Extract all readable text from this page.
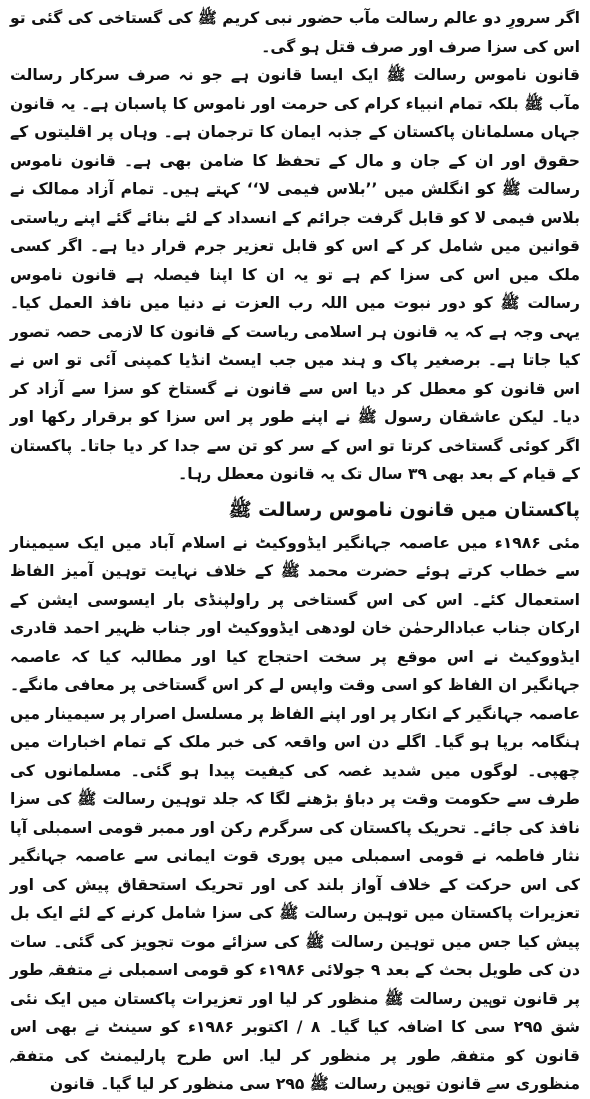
اگر سرورِ دو عالم رسالت مآب حضور نبی کریم ﷺ کی گستاخی کی گئی تو اس کی سزا صرف اور صرف قتل ہو گی۔

قانون ناموس رسالت ﷺ ایک ایسا قانون ہے جو نہ صرف سرکار رسالت مآب ﷺ بلکہ تمام انبیاء کرام کی حرمت اور ناموس کا پاسبان ہے۔ یہ قانون جہاں مسلمانان پاکستان کے جذبہ ایمان کا ترجمان ہے۔ وہاں پر اقلیتوں کے حقوق اور ان کے جان و مال کے تحفظ کا ضامن بھی ہے۔ قانون ناموس رسالت ﷺ کو انگلش میں ’’بلاس فیمی لا‘‘ کہتے ہیں۔ تمام آزاد ممالک نے بلاس فیمی لا کو قابل گرفت جرائم کے انسداد کے لئے بنائے گئے اپنے ریاستی قوانین میں شامل کر کے اس کو قابل تعزیر جرم قرار دیا ہے۔ اگر کسی ملک میں اس کی سزا کم ہے تو یہ ان کا اپنا فیصلہ ہے قانون ناموس رسالت ﷺ کو دور نبوت میں اللہ رب العزت نے دنیا میں نافذ العمل کیا۔ یہی وجہ ہے کہ یہ قانون ہر اسلامی ریاست کے قانون کا لازمی حصہ تصور کیا جاتا ہے۔ برصغیر پاک و ہند میں جب ایسٹ انڈیا کمپنی آئی تو اس نے اس قانون کو معطل کر دیا اس سے قانون نے گستاخ کو سزا سے آزاد کر دیا۔ لیکن عاشقان رسول ﷺ نے اپنے طور پر اس سزا کو برقرار رکھا اور اگر کوئی گستاخی کرتا تو اس کے سر کو تن سے جدا کر دیا جاتا۔ پاکستان کے قیام کے بعد بھی ۳۹ سال تک یہ قانون معطل رہا۔

پاکستان میں قانون ناموس رسالت ﷺ

مئی ۱۹۸۶ء میں عاصمہ جہانگیر ایڈووکیٹ نے اسلام آباد میں ایک سیمینار سے خطاب کرتے ہوئے حضرت محمد ﷺ کے خلاف نہایت توہین آمیز الفاظ استعمال کئے۔ اس کی اس گستاخی پر راولپنڈی بار ایسوسی ایشن کے ارکان جناب عبادالرحمٰن خان لودھی ایڈووکیٹ اور جناب ظہیر احمد قادری ایڈووکیٹ نے اس موقع پر سخت احتجاج کیا اور مطالبہ کیا کہ عاصمہ جہانگیر ان الفاظ کو اسی وقت واپس لے کر اس گستاخی پر معافی مانگے۔ عاصمہ جہانگیر کے انکار پر اور اپنے الفاظ پر مسلسل اصرار پر سیمینار میں ہنگامہ برپا ہو گیا۔ اگلے دن اس واقعہ کی خبر ملک کے تمام اخبارات میں چھپی۔ لوگوں میں شدید غصہ کی کیفیت پیدا ہو گئی۔ مسلمانوں کی طرف سے حکومت وقت پر دباؤ بڑھنے لگا کہ جلد توہین رسالت ﷺ کی سزا نافذ کی جائے۔ تحریک پاکستان کی سرگرم رکن اور ممبر قومی اسمبلی آپا نثار فاطمہ نے قومی اسمبلی میں پوری قوت ایمانی سے عاصمہ جہانگیر کی اس حرکت کے خلاف آواز بلند کی اور تحریک استحقاق پیش کی اور تعزیرات پاکستان میں توہین رسالت ﷺ کی سزا شامل کرنے کے لئے ایک بل پیش کیا جس میں توہین رسالت ﷺ کی سزائے موت تجویز کی گئی۔ سات دن کی طویل بحث کے بعد ۹ جولائی ۱۹۸۶ء کو قومی اسمبلی نے متفقہ طور پر قانون توہین رسالت ﷺ منظور کر لیا اور تعزیرات پاکستان میں ایک نئی شق ۲۹۵ سی کا اضافہ کیا گیا۔ ۸ / اکتوبر ۱۹۸۶ء کو سینٹ نے بھی اس قانون کو متفقہ طور پر منظور کر لیا۔ اس طرح پارلیمنٹ کی متفقہ منظوری سے قانون توہین رسالت ﷺ ۲۹۵ سی منظور کر لیا گیا۔ قانون
